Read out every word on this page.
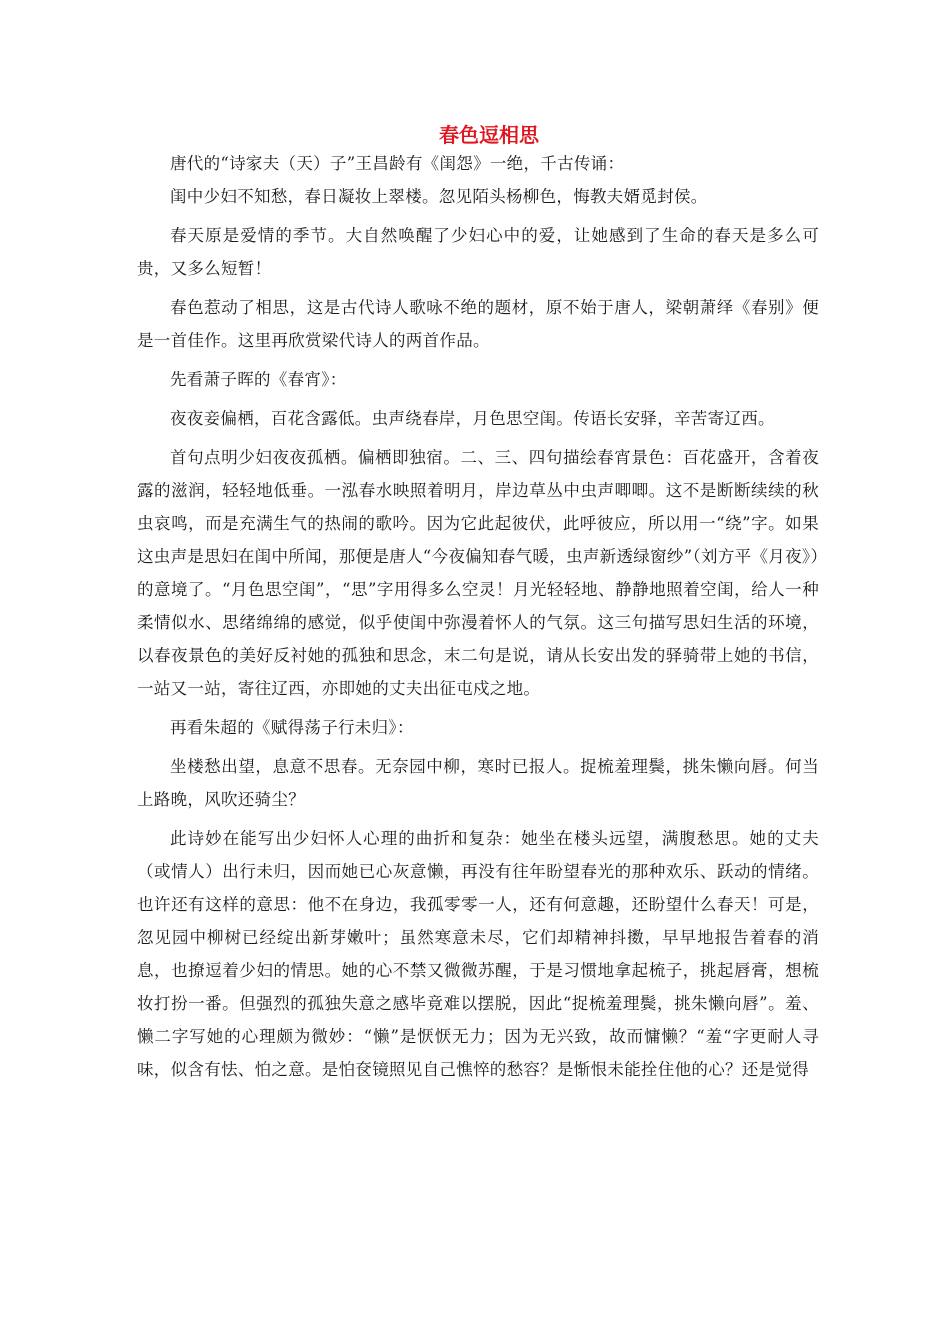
春色逗相思

唐代的“诗家夫（天）子”王昌龄有《闺怨》一绝，千古传诵：

闺中少妇不知愁，春日凝妆上翠楼。忽见陌头杨柳色，悔教夫婿觅封侯。

春天原是爱情的季节。大自然唤醒了少妇心中的爱，让她感到了生命的春天是多么可贵，又多么短暂！

春色惹动了相思，这是古代诗人歌咏不绝的题材，原不始于唐人，梁朝萧绎《春别》便是一首佳作。这里再欣赏梁代诗人的两首作品。

先看萧子晖的《春宵》：

夜夜妾偏栖，百花含露低。虫声绕春岸，月色思空闺。传语长安驿，辛苦寄辽西。

首句点明少妇夜夜孤栖。偏栖即独宿。二、三、四句描绘春宵景色：百花盛开，含着夜露的滋润，轻轻地低垂。一泓春水映照着明月，岸边草丛中虫声唧唧。这不是断断续续的秋虫哀鸣，而是充满生气的热闹的歌吟。因为它此起彼伏，此呼彼应，所以用一“绕”字。如果这虫声是思妇在闺中所闻，那便是唐人“今夜偏知春气暖，虫声新透绿窗纱”（刘方平《月夜》）的意境了。“月色思空闺”，“思”字用得多么空灵！月光轻轻地、静静地照着空闺，给人一种柔情似水、思绪绵绵的感觉，似乎使闺中弥漫着怀人的气氛。这三句描写思妇生活的环境，以春夜景色的美好反衬她的孤独和思念，末二句是说，请从长安出发的驿骑带上她的书信，一站又一站，寄往辽西，亦即她的丈夫出征屯戍之地。

再看朱超的《赋得荡子行未归》：

坐楼愁出望，息意不思春。无奈园中柳，寒时已报人。捉梳羞理鬓，挑朱懒向唇。何当上路晚，风吹还骑尘？

此诗妙在能写出少妇怀人心理的曲折和复杂：她坐在楼头远望，满腹愁思。她的丈夫（或情人）出行未归，因而她已心灰意懒，再没有往年盼望春光的那种欢乐、跃动的情绪。也许还有这样的意思：他不在身边，我孤零零一人，还有何意趣，还盼望什么春天！可是，忽见园中柳树已经绽出新芽嫩叶；虽然寒意未尽，它们却精神抖擞，早早地报告着春的消息，也撩逗着少妇的情思。她的心不禁又微微苏醒，于是习惯地拿起梳子，挑起唇膏，想梳妆打扮一番。但强烈的孤独失意之感毕竟难以摆脱，因此“捉梳羞理鬓，挑朱懒向唇”。羞、懒二字写她的心理颇为微妙：“懒”是恹恹无力；因为无兴致，故而慵懒？“羞“字更耐人寻味，似含有怯、怕之意。是怕奁镜照见自己憔悴的愁容？是惭恨未能拴住他的心？还是觉得
